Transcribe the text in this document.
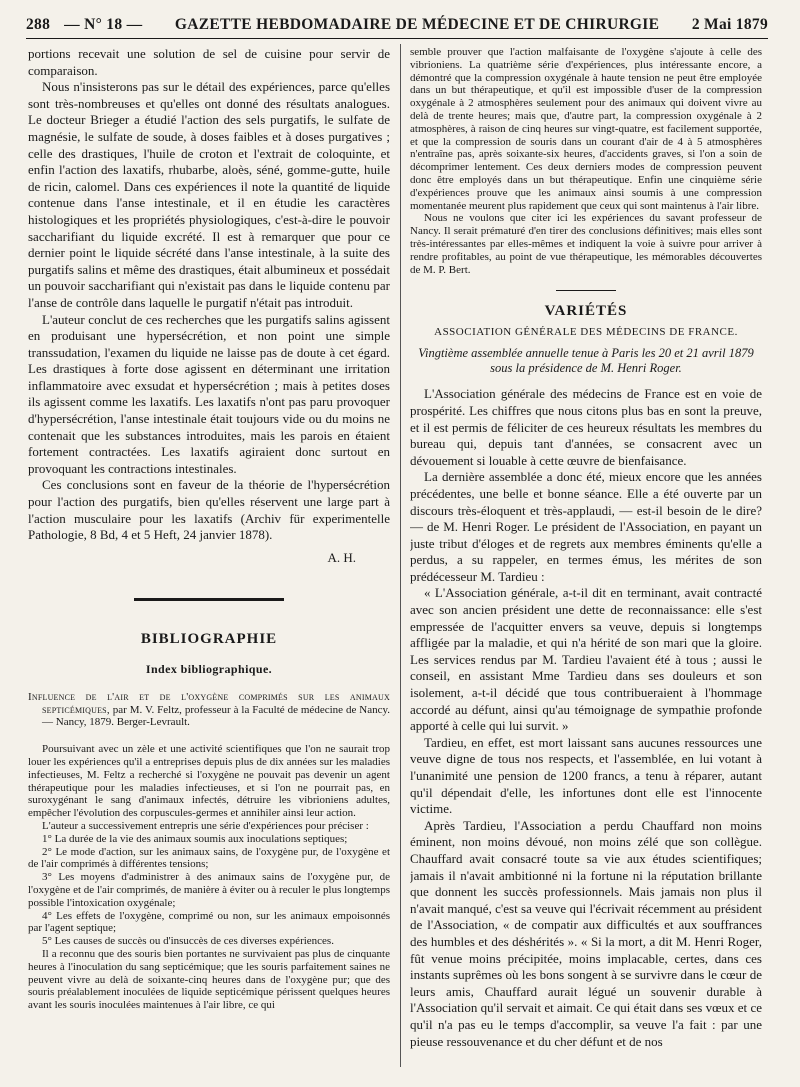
288 — N° 18 —	GAZETTE HEBDOMADAIRE DE MÉDECINE ET DE CHIRURGIE	2 Mai 1879

portions recevait une solution de sel de cuisine pour servir de comparaison.

Nous n'insisterons pas sur le détail des expériences, parce qu'elles sont très-nombreuses et qu'elles ont donné des résultats analogues. Le docteur Brieger a étudié l'action des sels purgatifs, le sulfate de magnésie, le sulfate de soude, à doses faibles et à doses purgatives ; celle des drastiques, l'huile de croton et l'extrait de coloquinte, et enfin l'action des laxatifs, rhubarbe, aloès, séné, gomme-gutte, huile de ricin, calomel. Dans ces expériences il note la quantité de liquide contenue dans l'anse intestinale, et il en étudie les caractères histologiques et les propriétés physiologiques, c'est-à-dire le pouvoir saccharifiant du liquide excrété. Il est à remarquer que pour ce dernier point le liquide sécrété dans l'anse intestinale, à la suite des purgatifs salins et même des drastiques, était albumineux et possédait un pouvoir saccharifiant qui n'existait pas dans le liquide contenu par l'anse de contrôle dans laquelle le purgatif n'était pas introduit.

L'auteur conclut de ces recherches que les purgatifs salins agissent en produisant une hypersécrétion, et non point une simple transsudation, l'examen du liquide ne laisse pas de doute à cet égard. Les drastiques à forte dose agissent en déterminant une irritation inflammatoire avec exsudat et hypersécrétion ; mais à petites doses ils agissent comme les laxatifs. Les laxatifs n'ont pas paru provoquer d'hypersécrétion, l'anse intestinale était toujours vide ou du moins ne contenait que les substances introduites, mais les parois en étaient fortement contractées. Les laxatifs agiraient donc surtout en provoquant les contractions intestinales.

Ces conclusions sont en faveur de la théorie de l'hypersécrétion pour l'action des purgatifs, bien qu'elles réservent une large part à l'action musculaire pour les laxatifs (Archiv für experimentelle Pathologie, 8 Bd, 4 et 5 Heft, 24 janvier 1878).

A. H.

BIBLIOGRAPHIE
Index bibliographique.

Influence de l'air et de l'oxygène comprimés sur les animaux septicémiques, par M. V. Feltz, professeur à la Faculté de médecine de Nancy. — Nancy, 1879. Berger-Levrault.

Poursuivant avec un zèle et une activité scientifiques que l'on ne saurait trop louer les expériences qu'il a entreprises depuis plus de dix années sur les maladies infectieuses, M. Feltz a recherché si l'oxygène ne pouvait pas devenir un agent thérapeutique pour les maladies infectieuses, et si l'on ne pourrait pas, en suroxygénant le sang d'animaux infectés, détruire les vibrioniens adultes, empêcher l'évolution des corpuscules-germes et annihiler ainsi leur action.

L'auteur a successivement entrepris une série d'expériences pour préciser :

1° La durée de la vie des animaux soumis aux inoculations septiques;

2° Le mode d'action, sur les animaux sains, de l'oxygène pur, de l'oxygène et de l'air comprimés à différentes tensions;

3° Les moyens d'administrer à des animaux sains de l'oxygène pur, de l'oxygène et de l'air comprimés, de manière à éviter ou à reculer le plus longtemps possible l'intoxication oxygénale;

4° Les effets de l'oxygène, comprimé ou non, sur les animaux empoisonnés par l'agent septique;

5° Les causes de succès ou d'insuccès de ces diverses expériences.

Il a reconnu que des souris bien portantes ne survivaient pas plus de cinquante heures à l'inoculation du sang septicémique; que les souris parfaitement saines ne peuvent vivre au delà de soixante-cinq heures dans de l'oxygène pur; que des souris préalablement inoculées de liquide septicémique périssent quelques heures avant les souris inoculées maintenues à l'air libre, ce qui

semble prouver que l'action malfaisante de l'oxygène s'ajoute à celle des vibrioniens. La quatrième série d'expériences, plus intéressante encore, a démontré que la compression oxygénale à haute tension ne peut être employée dans un but thérapeutique, et qu'il est impossible d'user de la compression oxygénale à 2 atmosphères seulement pour des animaux qui doivent vivre au delà de trente heures; mais que, d'autre part, la compression oxygénale à 2 atmosphères, à raison de cinq heures sur vingt-quatre, est facilement supportée, et que la compression de souris dans un courant d'air de 4 à 5 atmosphères n'entraîne pas, après soixante-six heures, d'accidents graves, si l'on a soin de décomprimer lentement. Ces deux derniers modes de compression peuvent donc être employés dans un but thérapeutique. Enfin une cinquième série d'expériences prouve que les animaux ainsi soumis à une compression momentanée meurent plus rapidement que ceux qui sont maintenus à l'air libre.

Nous ne voulons que citer ici les expériences du savant professeur de Nancy. Il serait prématuré d'en tirer des conclusions définitives; mais elles sont très-intéressantes par elles-mêmes et indiquent la voie à suivre pour arriver à rendre profitables, au point de vue thérapeutique, les mémorables découvertes de M. P. Bert.

VARIÉTÉS
ASSOCIATION GÉNÉRALE DES MÉDECINS DE FRANCE.
Vingtième assemblée annuelle tenue à Paris les 20 et 21 avril 1879 sous la présidence de M. Henri Roger.

L'Association générale des médecins de France est en voie de prospérité. Les chiffres que nous citons plus bas en sont la preuve, et il est permis de féliciter de ces heureux résultats les membres du bureau qui, depuis tant d'années, se consacrent avec un dévouement si louable à cette œuvre de bienfaisance.

La dernière assemblée a donc été, mieux encore que les années précédentes, une belle et bonne séance. Elle a été ouverte par un discours très-éloquent et très-applaudi, — est-il besoin de le dire? — de M. Henri Roger. Le président de l'Association, en payant un juste tribut d'éloges et de regrets aux membres éminents qu'elle a perdus, a su rappeler, en termes émus, les mérites de son prédécesseur M. Tardieu :

« L'Association générale, a-t-il dit en terminant, avait contracté avec son ancien président une dette de reconnaissance: elle s'est empressée de l'acquitter envers sa veuve, depuis si longtemps affligée par la maladie, et qui n'a hérité de son mari que la gloire. Les services rendus par M. Tardieu l'avaient été à tous ; aussi le conseil, en assistant Mme Tardieu dans ses douleurs et son isolement, a-t-il décidé que tous contribueraient à l'hommage accordé au défunt, ainsi qu'au témoignage de sympathie profonde apporté à celle qui lui survit. »

Tardieu, en effet, est mort laissant sans aucunes ressources une veuve digne de tous nos respects, et l'assemblée, en lui votant à l'unanimité une pension de 1200 francs, a tenu à réparer, autant qu'il dépendait d'elle, les infortunes dont elle est l'innocente victime.

Après Tardieu, l'Association a perdu Chauffard non moins éminent, non moins dévoué, non moins zélé que son collègue. Chauffard avait consacré toute sa vie aux études scientifiques; jamais il n'avait ambitionné ni la fortune ni la réputation brillante que donnent les succès professionnels. Mais jamais non plus il n'avait manqué, c'est sa veuve qui l'écrivait récemment au président de l'Association, « de compatir aux difficultés et aux souffrances des humbles et des déshérités ». « Si la mort, a dit M. Henri Roger, fût venue moins précipitée, moins implacable, certes, dans ces instants suprêmes où les bons songent à se survivre dans le cœur de leurs amis, Chauffard aurait légué un souvenir durable à l'Association qu'il servait et aimait. Ce qui était dans ses vœux et ce qu'il n'a pas eu le temps d'accomplir, sa veuve l'a fait : par une pieuse ressouvenance et du cher défunt et de nos
